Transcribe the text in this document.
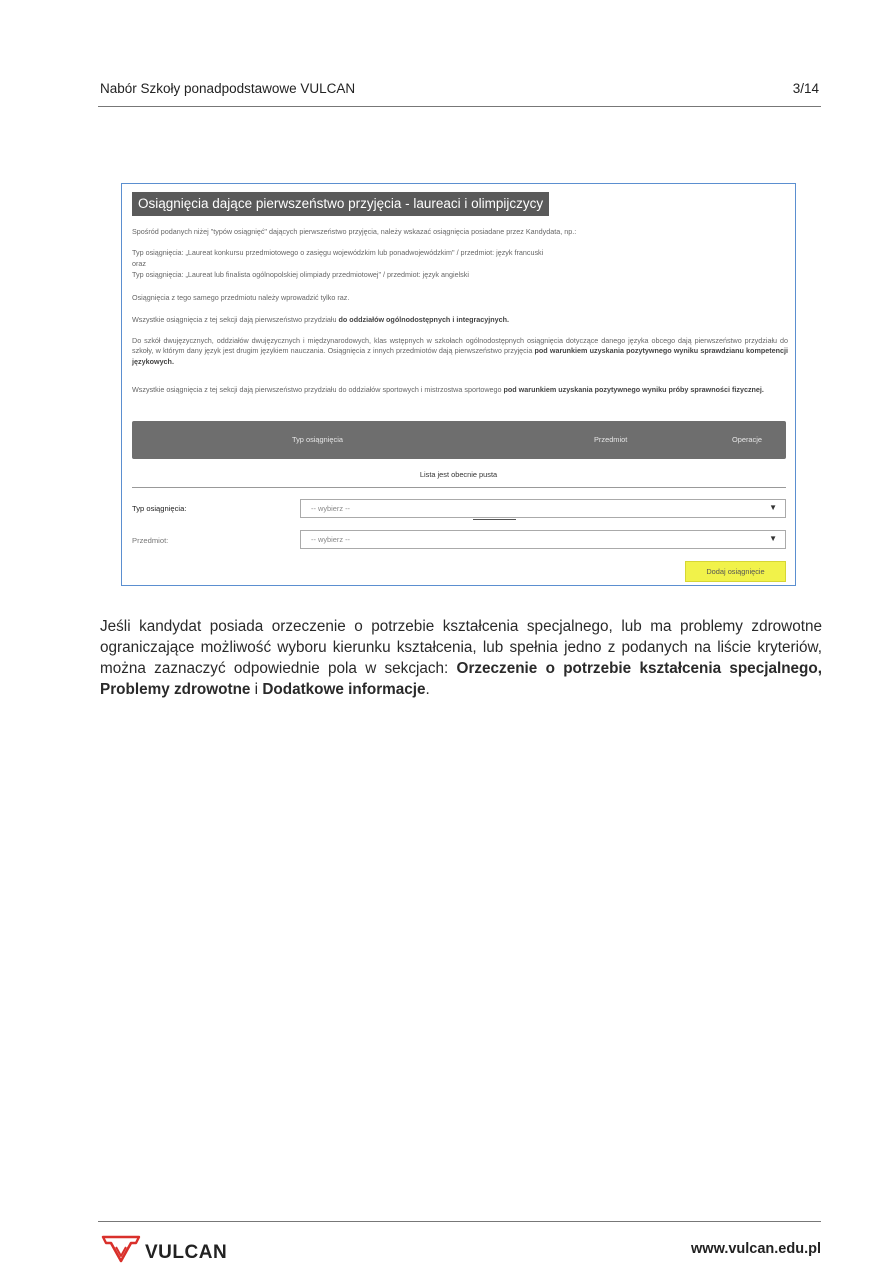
Nabór Szkoły ponadpodstawowe VULCAN	3/14
Osiągnięcia dające pierwszeństwo przyjęcia - laureaci i olimpijczycy
Spośród podanych niżej "typów osiągnięć" dających pierwszeństwo przyjęcia, należy wskazać osiągnięcia posiadane przez Kandydata, np.:
Typ osiągnięcia: „Laureat konkursu przedmiotowego o zasięgu wojewódzkim lub ponadwojewódzkim" / przedmiot: język francuski
oraz
Typ osiągnięcia: „Laureat lub finalista ogólnopolskiej olimpiady przedmiotowej" / przedmiot: język angielski
Osiągnięcia z tego samego przedmiotu należy wprowadzić tylko raz.
Wszystkie osiągnięcia z tej sekcji dają pierwszeństwo przydziału do oddziałów ogólnodostępnych i integracyjnych.
Do szkół dwujęzycznych, oddziałów dwujęzycznych i międzynarodowych, klas wstępnych w szkołach ogólnodostępnych osiągnięcia dotyczące danego języka obcego dają pierwszeństwo przydziału do szkoły, w którym dany język jest drugim językiem nauczania. Osiągnięcia z innych przedmiotów dają pierwszeństwo przyjęcia pod warunkiem uzyskania pozytywnego wyniku sprawdzianu kompetencji językowych.
Wszystkie osiągnięcia z tej sekcji dają pierwszeństwo przydziału do oddziałów sportowych i mistrzostwa sportowego pod warunkiem uzyskania pozytywnego wyniku próby sprawności fizycznej.
Typ osiągnięcia	Przedmiot	Operacje
Lista jest obecnie pusta
Typ osiągnięcia:	-- wybierz --	▼
Przedmiot:	-- wybierz --	▼
Dodaj osiągnięcie
Jeśli kandydat posiada orzeczenie o potrzebie kształcenia specjalnego, lub ma problemy zdrowotne ograniczające możliwość wyboru kierunku kształcenia, lub spełnia jedno z podanych na liście kryteriów, można zaznaczyć odpowiednie pola w sekcjach: Orzeczenie o potrzebie kształcenia specjalnego, Problemy zdrowotne i Dodatkowe informacje.
VULCAN	www.vulcan.edu.pl
